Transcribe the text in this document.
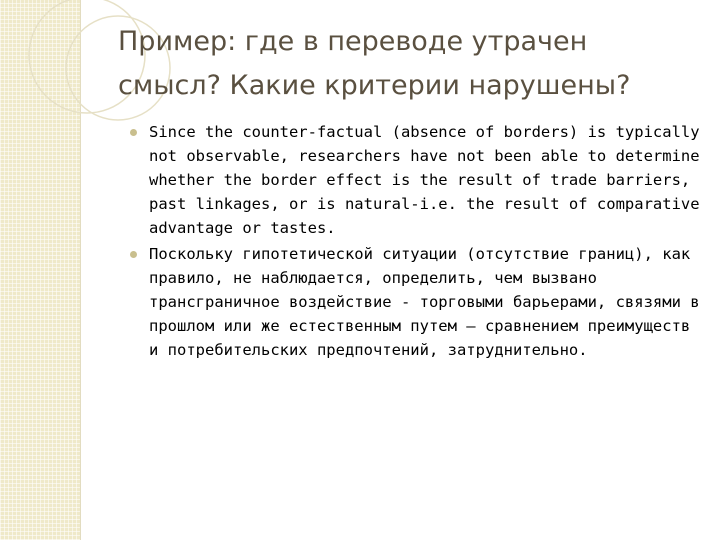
Пример: где в переводе утрачен смысл? Какие критерии нарушены?
Since the counter-factual (absence of borders) is typically not observable, researchers have not been able to determine whether the border effect is the result of trade barriers, past linkages, or is natural-i.e. the result of comparative advantage or tastes.
Поскольку гипотетической ситуации (отсутствие границ), как правило, не наблюдается, определить, чем вызвано трансграничное воздействие - торговыми барьерами, связями в прошлом или же естественным путем – сравнением преимуществ и потребительских предпочтений, затруднительно.
